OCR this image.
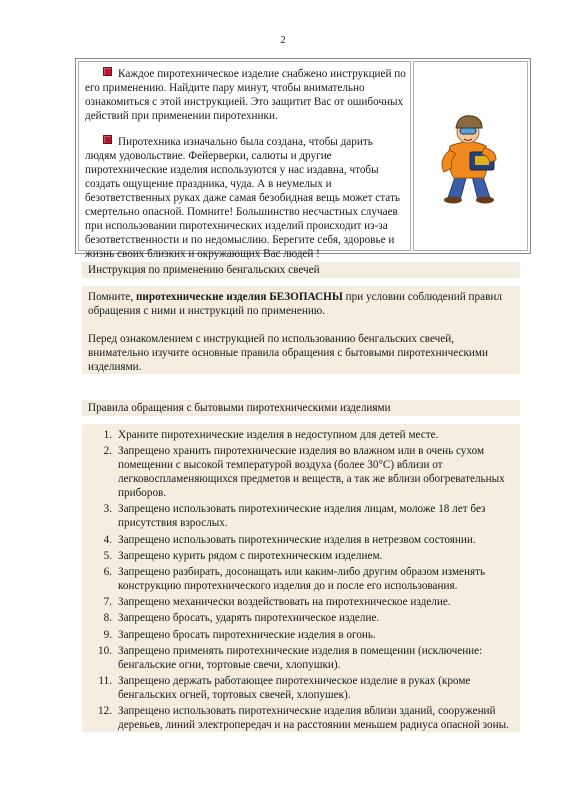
2

Каждое пиротехническое изделие снабжено инструкцией по его применению. Найдите пару минут, чтобы внимательно ознакомиться с этой инструкцией. Это защитит Вас от ошибочных действий при применении пиротехники.

Пиротехника изначально была создана, чтобы дарить людям удовольствие. Фейерверки, салюты и другие пиротехнические изделия используются у нас издавна, чтобы создать ощущение праздника, чуда. А в неумелых и безответственных руках даже самая безобидная вещь может стать смертельно опасной. Помните! Большинство несчастных случаев при использовании пиротехнических изделий происходит из-за безответственности и по недомыслию. Берегите себя, здоровье и жизнь своих близких и окружающих Вас людей !

Инструкция по применению бенгальских свечей

Помните, пиротехнические изделия БЕЗОПАСНЫ при условии соблюдений правил обращения с ними и инструкций по применению.

Перед ознакомлением с инструкцией по использованию бенгальских свечей, внимательно изучите основные правила обращения с бытовыми пиротехническими изделиями.

Правила обращения с бытовыми пиротехническими изделиями
1. Храните пиротехнические изделия в недоступном для детей месте.
2. Запрещено хранить пиротехнические изделия во влажном или в очень сухом помещении с высокой температурой воздуха (более 30°С) вблизи от легковоспламеняющихся предметов и веществ, а так же вблизи обогревательных приборов.
3. Запрещено использовать пиротехнические изделия лицам, моложе 18 лет без присутствия взрослых.
4. Запрещено использовать пиротехнические изделия в нетрезвом состоянии.
5. Запрещено курить рядом с пиротехническим изделием.
6. Запрещено разбирать, досонащать или каким-либо другим образом изменять конструкцию пиротехнического изделия до и после его использования.
7. Запрещено механически воздействовать на пиротехническое изделие.
8. Запрещено бросать, ударять пиротехническое изделие.
9. Запрещено бросать пиротехнические изделия в огонь.
10. Запрещено применять пиротехнические изделия в помещении (исключение: бенгальские огни, тортовые свечи, хлопушки).
11. Запрещено держать работающее пиротехническое изделие в руках (кроме бенгальских огней, тортовых свечей, хлопушек).
12. Запрещено использовать пиротехнические изделия вблизи зданий, сооружений деревьев, линий электропередач и на расстоянии меньшем радиуса опасной зоны.
